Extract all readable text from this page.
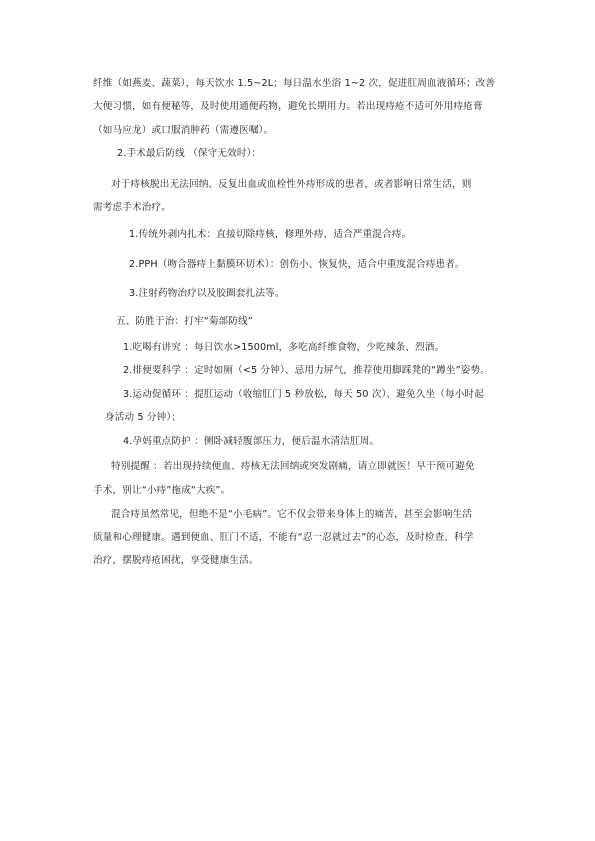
纤维（如燕麦、蔬菜），每天饮水 1.5~2L；每日温水坐浴 1~2 次，促进肛周血液循环；改善
大便习惯，如有便秘等，及时使用通便药物，避免长期用力。若出现痔疮不适可外用痔疮膏
（如马应龙）或口服消肿药（需遵医嘱）。
2.手术最后防线 （保守无效时）：
对于痔核脱出无法回纳、反复出血或血栓性外痔形成的患者，或者影响日常生活，则
需考虑手术治疗。
1.传统外剥内扎术：直接切除痔核，修理外痔，适合严重混合痔。
2.PPH（吻合器痔上黏膜环切术）：创伤小、恢复快，适合中重度混合痔患者。
3.注射药物治疗以及胶圈套扎法等。
五、防胜于治：打牢“菊部防线”
1.吃喝有讲究 ：每日饮水>1500ml，多吃高纤维食物，少吃辣条、烈酒。
2.排便要科学 ：定时如厕（<5 分钟）、忌用力屏气，推荐使用脚踩凳的“蹲坐”姿势。
3.运动促循环 ：提肛运动（收缩肛门 5 秒放松，每天 50 次）、避免久坐（每小时起
身活动 5 分钟）；
4.孕妈重点防护 ：侧卧减轻腹部压力，便后温水清洁肛周。
特别提醒 ：若出现持续便血、痔核无法回纳或突发剧痛，请立即就医！早干预可避免
手术，别让“小痔”拖成“大疾”。
混合痔虽然常见，但绝不是“小毛病”。它不仅会带来身体上的痛苦，甚至会影响生活
质量和心理健康。遇到便血、肛门不适，不能有“忍一忍就过去”的心态，及时检查、科学
治疗，摆脱痔疮困扰，享受健康生活。
